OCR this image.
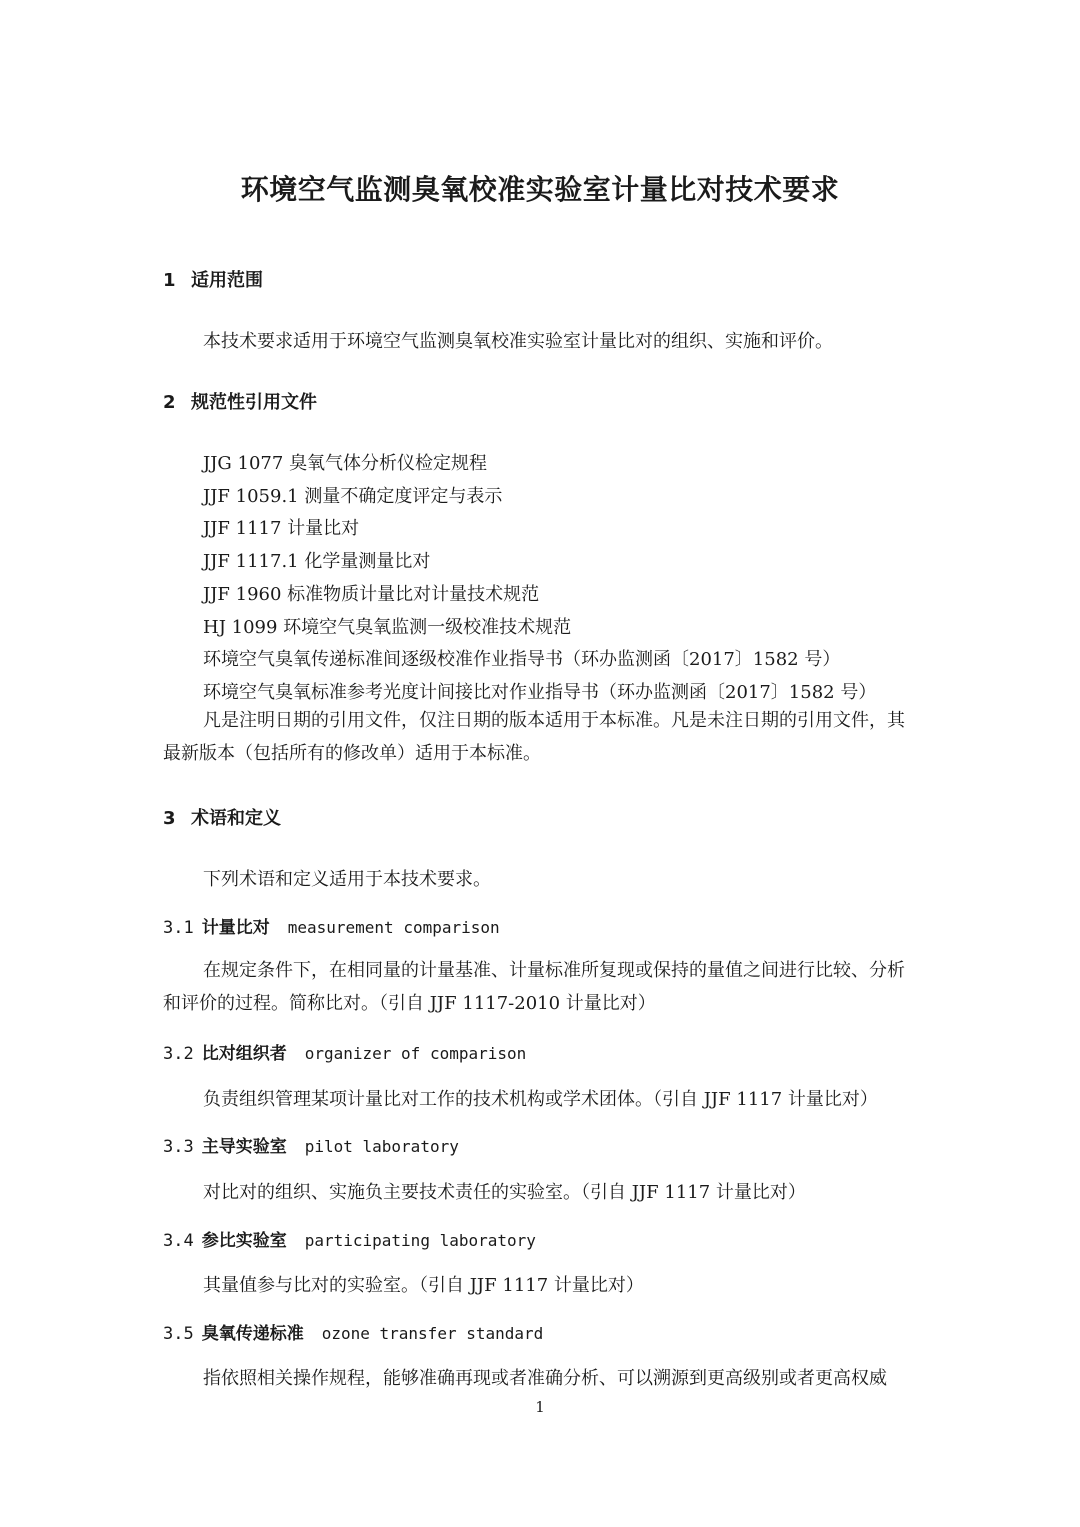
环境空气监测臭氧校准实验室计量比对技术要求
1 适用范围
本技术要求适用于环境空气监测臭氧校准实验室计量比对的组织、实施和评价。
2 规范性引用文件
JJG 1077 臭氧气体分析仪检定规程
JJF 1059.1 测量不确定度评定与表示
JJF 1117 计量比对
JJF 1117.1 化学量测量比对
JJF 1960 标准物质计量比对计量技术规范
HJ 1099 环境空气臭氧监测一级校准技术规范
环境空气臭氧传递标准间逐级校准作业指导书（环办监测函〔2017〕1582 号）
环境空气臭氧标准参考光度计间接比对作业指导书（环办监测函〔2017〕1582 号）
凡是注明日期的引用文件，仅注日期的版本适用于本标准。凡是未注日期的引用文件，其最新版本（包括所有的修改单）适用于本标准。
3 术语和定义
下列术语和定义适用于本技术要求。
3.1 计量比对 measurement comparison
在规定条件下，在相同量的计量基准、计量标准所复现或保持的量值之间进行比较、分析和评价的过程。简称比对。（引自 JJF 1117-2010 计量比对）
3.2 比对组织者 organizer of comparison
负责组织管理某项计量比对工作的技术机构或学术团体。（引自 JJF 1117 计量比对）
3.3 主导实验室 pilot laboratory
对比对的组织、实施负主要技术责任的实验室。（引自 JJF 1117 计量比对）
3.4 参比实验室 participating laboratory
其量值参与比对的实验室。（引自 JJF 1117 计量比对）
3.5 臭氧传递标准 ozone transfer standard
指依照相关操作规程，能够准确再现或者准确分析、可以溯源到更高级别或者更高权威
1
